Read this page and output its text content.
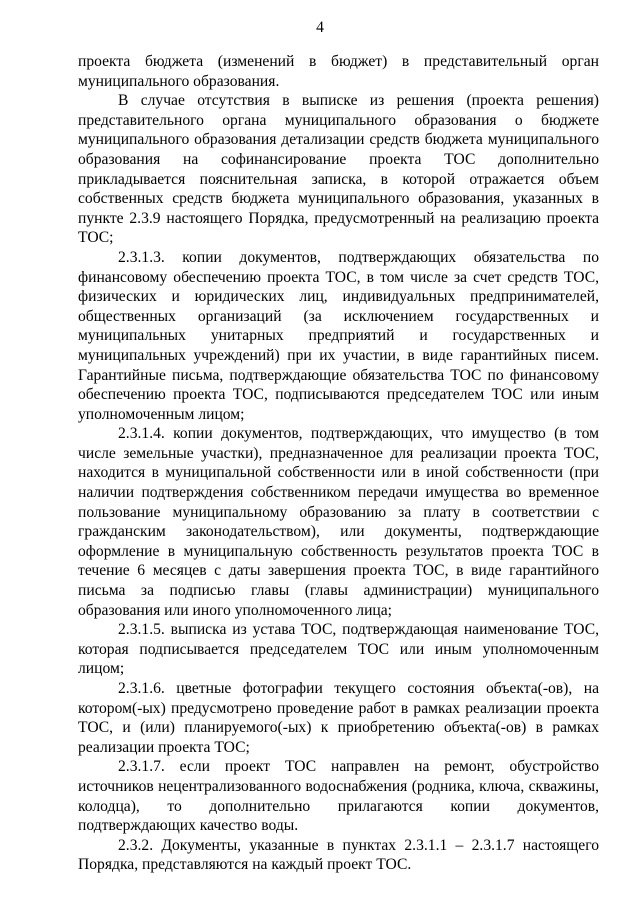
4

проекта бюджета (изменений в бюджет) в представительный орган муниципального образования.

В случае отсутствия в выписке из решения (проекта решения) представительного органа муниципального образования о бюджете муниципального образования детализации средств бюджета муниципального образования на софинансирование проекта ТОС дополнительно прикладывается пояснительная записка, в которой отражается объем собственных средств бюджета муниципального образования, указанных в пункте 2.3.9 настоящего Порядка, предусмотренный на реализацию проекта ТОС;

2.3.1.3. копии документов, подтверждающих обязательства по финансовому обеспечению проекта ТОС, в том числе за счет средств ТОС, физических и юридических лиц, индивидуальных предпринимателей, общественных организаций (за исключением государственных и муниципальных унитарных предприятий и государственных и муниципальных учреждений) при их участии, в виде гарантийных писем. Гарантийные письма, подтверждающие обязательства ТОС по финансовому обеспечению проекта ТОС, подписываются председателем ТОС или иным уполномоченным лицом;

2.3.1.4. копии документов, подтверждающих, что имущество (в том числе земельные участки), предназначенное для реализации проекта ТОС, находится в муниципальной собственности или в иной собственности (при наличии подтверждения собственником передачи имущества во временное пользование муниципальному образованию за плату в соответствии с гражданским законодательством), или документы, подтверждающие оформление в муниципальную собственность результатов проекта ТОС в течение 6 месяцев с даты завершения проекта ТОС, в виде гарантийного письма за подписью главы (главы администрации) муниципального образования или иного уполномоченного лица;

2.3.1.5. выписка из устава ТОС, подтверждающая наименование ТОС, которая подписывается председателем ТОС или иным уполномоченным лицом;

2.3.1.6. цветные фотографии текущего состояния объекта(-ов), на котором(-ых) предусмотрено проведение работ в рамках реализации проекта ТОС, и (или) планируемого(-ых) к приобретению объекта(-ов) в рамках реализации проекта ТОС;

2.3.1.7. если проект ТОС направлен на ремонт, обустройство источников нецентрализованного водоснабжения (родника, ключа, скважины, колодца), то дополнительно прилагаются копии документов, подтверждающих качество воды.

2.3.2. Документы, указанные в пунктах 2.3.1.1 – 2.3.1.7 настоящего Порядка, представляются на каждый проект ТОС.
